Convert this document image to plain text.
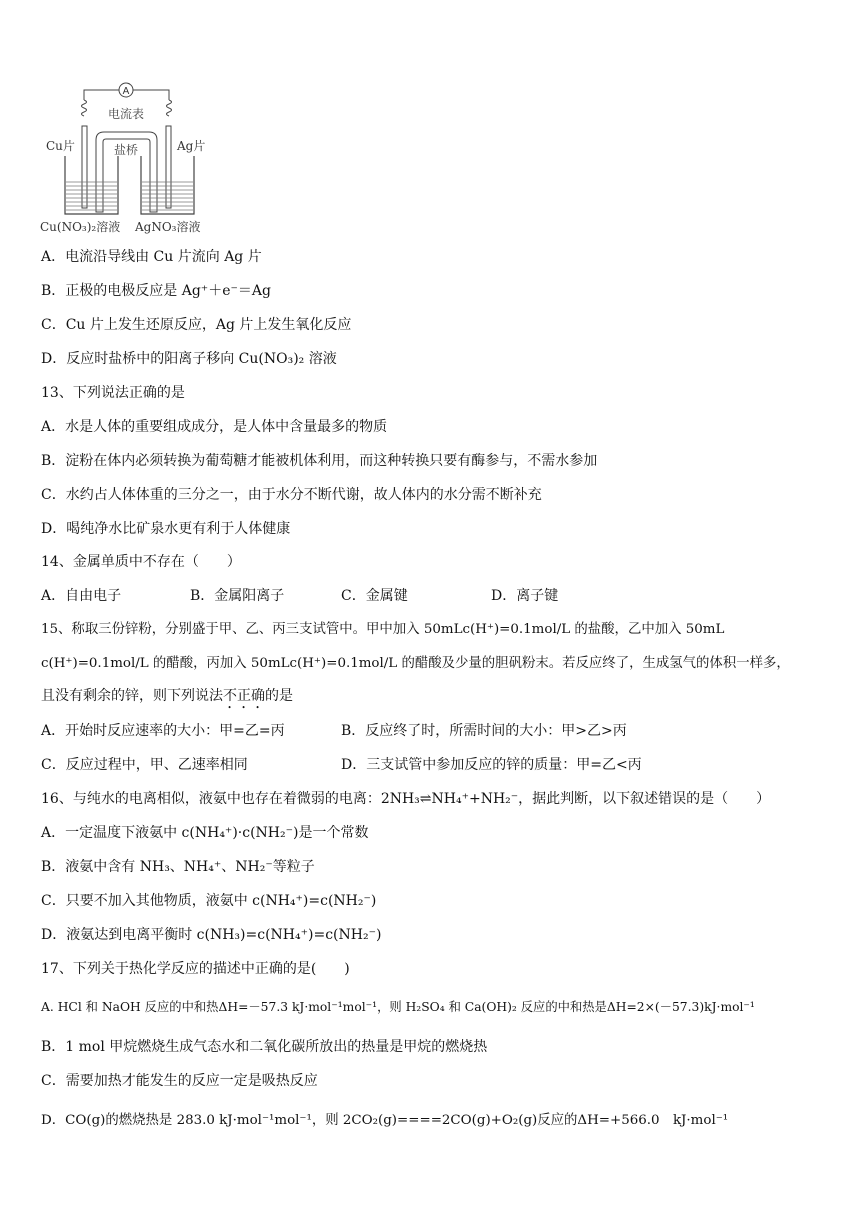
A
电流表
Cu片	Ag片
盐桥
Cu(NO₃)₂溶液 AgNO₃溶液
A．电流沿导线由 Cu 片流向 Ag 片
B．正极的电极反应是 Ag⁺＋e⁻＝Ag
C．Cu 片上发生还原反应，Ag 片上发生氧化反应
D．反应时盐桥中的阳离子移向 Cu(NO₃)₂ 溶液
13、下列说法正确的是
A．水是人体的重要组成成分，是人体中含量最多的物质
B．淀粉在体内必须转换为葡萄糖才能被机体利用，而这种转换只要有酶参与，不需水参加
C．水约占人体体重的三分之一，由于水分不断代谢，故人体内的水分需不断补充
D．喝纯净水比矿泉水更有利于人体健康
14、金属单质中不存在（　　）
A．自由电子	B．金属阳离子	C．金属键	D．离子键
15、称取三份锌粉，分别盛于甲、乙、丙三支试管中。甲中加入 50mLc(H⁺)=0.1mol/L 的盐酸，乙中加入 50mL
c(H⁺)=0.1mol/L 的醋酸，丙加入 50mLc(H⁺)=0.1mol/L 的醋酸及少量的胆矾粉末。若反应终了，生成氢气的体积一样多，
且没有剩余的锌，则下列说法不正确的是
A．开始时反应速率的大小：甲=乙=丙	B．反应终了时，所需时间的大小：甲>乙>丙
C．反应过程中，甲、乙速率相同	D．三支试管中参加反应的锌的质量：甲=乙<丙
16、与纯水的电离相似，液氨中也存在着微弱的电离：2NH₃⇌NH₄⁺+NH₂⁻，据此判断，以下叙述错误的是（　　）
A．一定温度下液氨中 c(NH₄⁺)·c(NH₂⁻)是一个常数
B．液氨中含有 NH₃、NH₄⁺、NH₂⁻等粒子
C．只要不加入其他物质，液氨中 c(NH₄⁺)=c(NH₂⁻)
D．液氨达到电离平衡时 c(NH₃)=c(NH₄⁺)=c(NH₂⁻)
17、下列关于热化学反应的描述中正确的是(　　)
A. HCl 和 NaOH 反应的中和热ΔH=－57.3 kJ·mol⁻¹mol⁻¹，则 H₂SO₄ 和 Ca(OH)₂ 反应的中和热是ΔH=2×(－57.3)kJ·mol⁻¹
B．1 mol 甲烷燃烧生成气态水和二氧化碳所放出的热量是甲烷的燃烧热
C．需要加热才能发生的反应一定是吸热反应
D．CO(g)的燃烧热是 283.0 kJ·mol⁻¹mol⁻¹，则 2CO₂(g)====2CO(g)+O₂(g)反应的ΔH=+566.0　kJ·mol⁻¹
